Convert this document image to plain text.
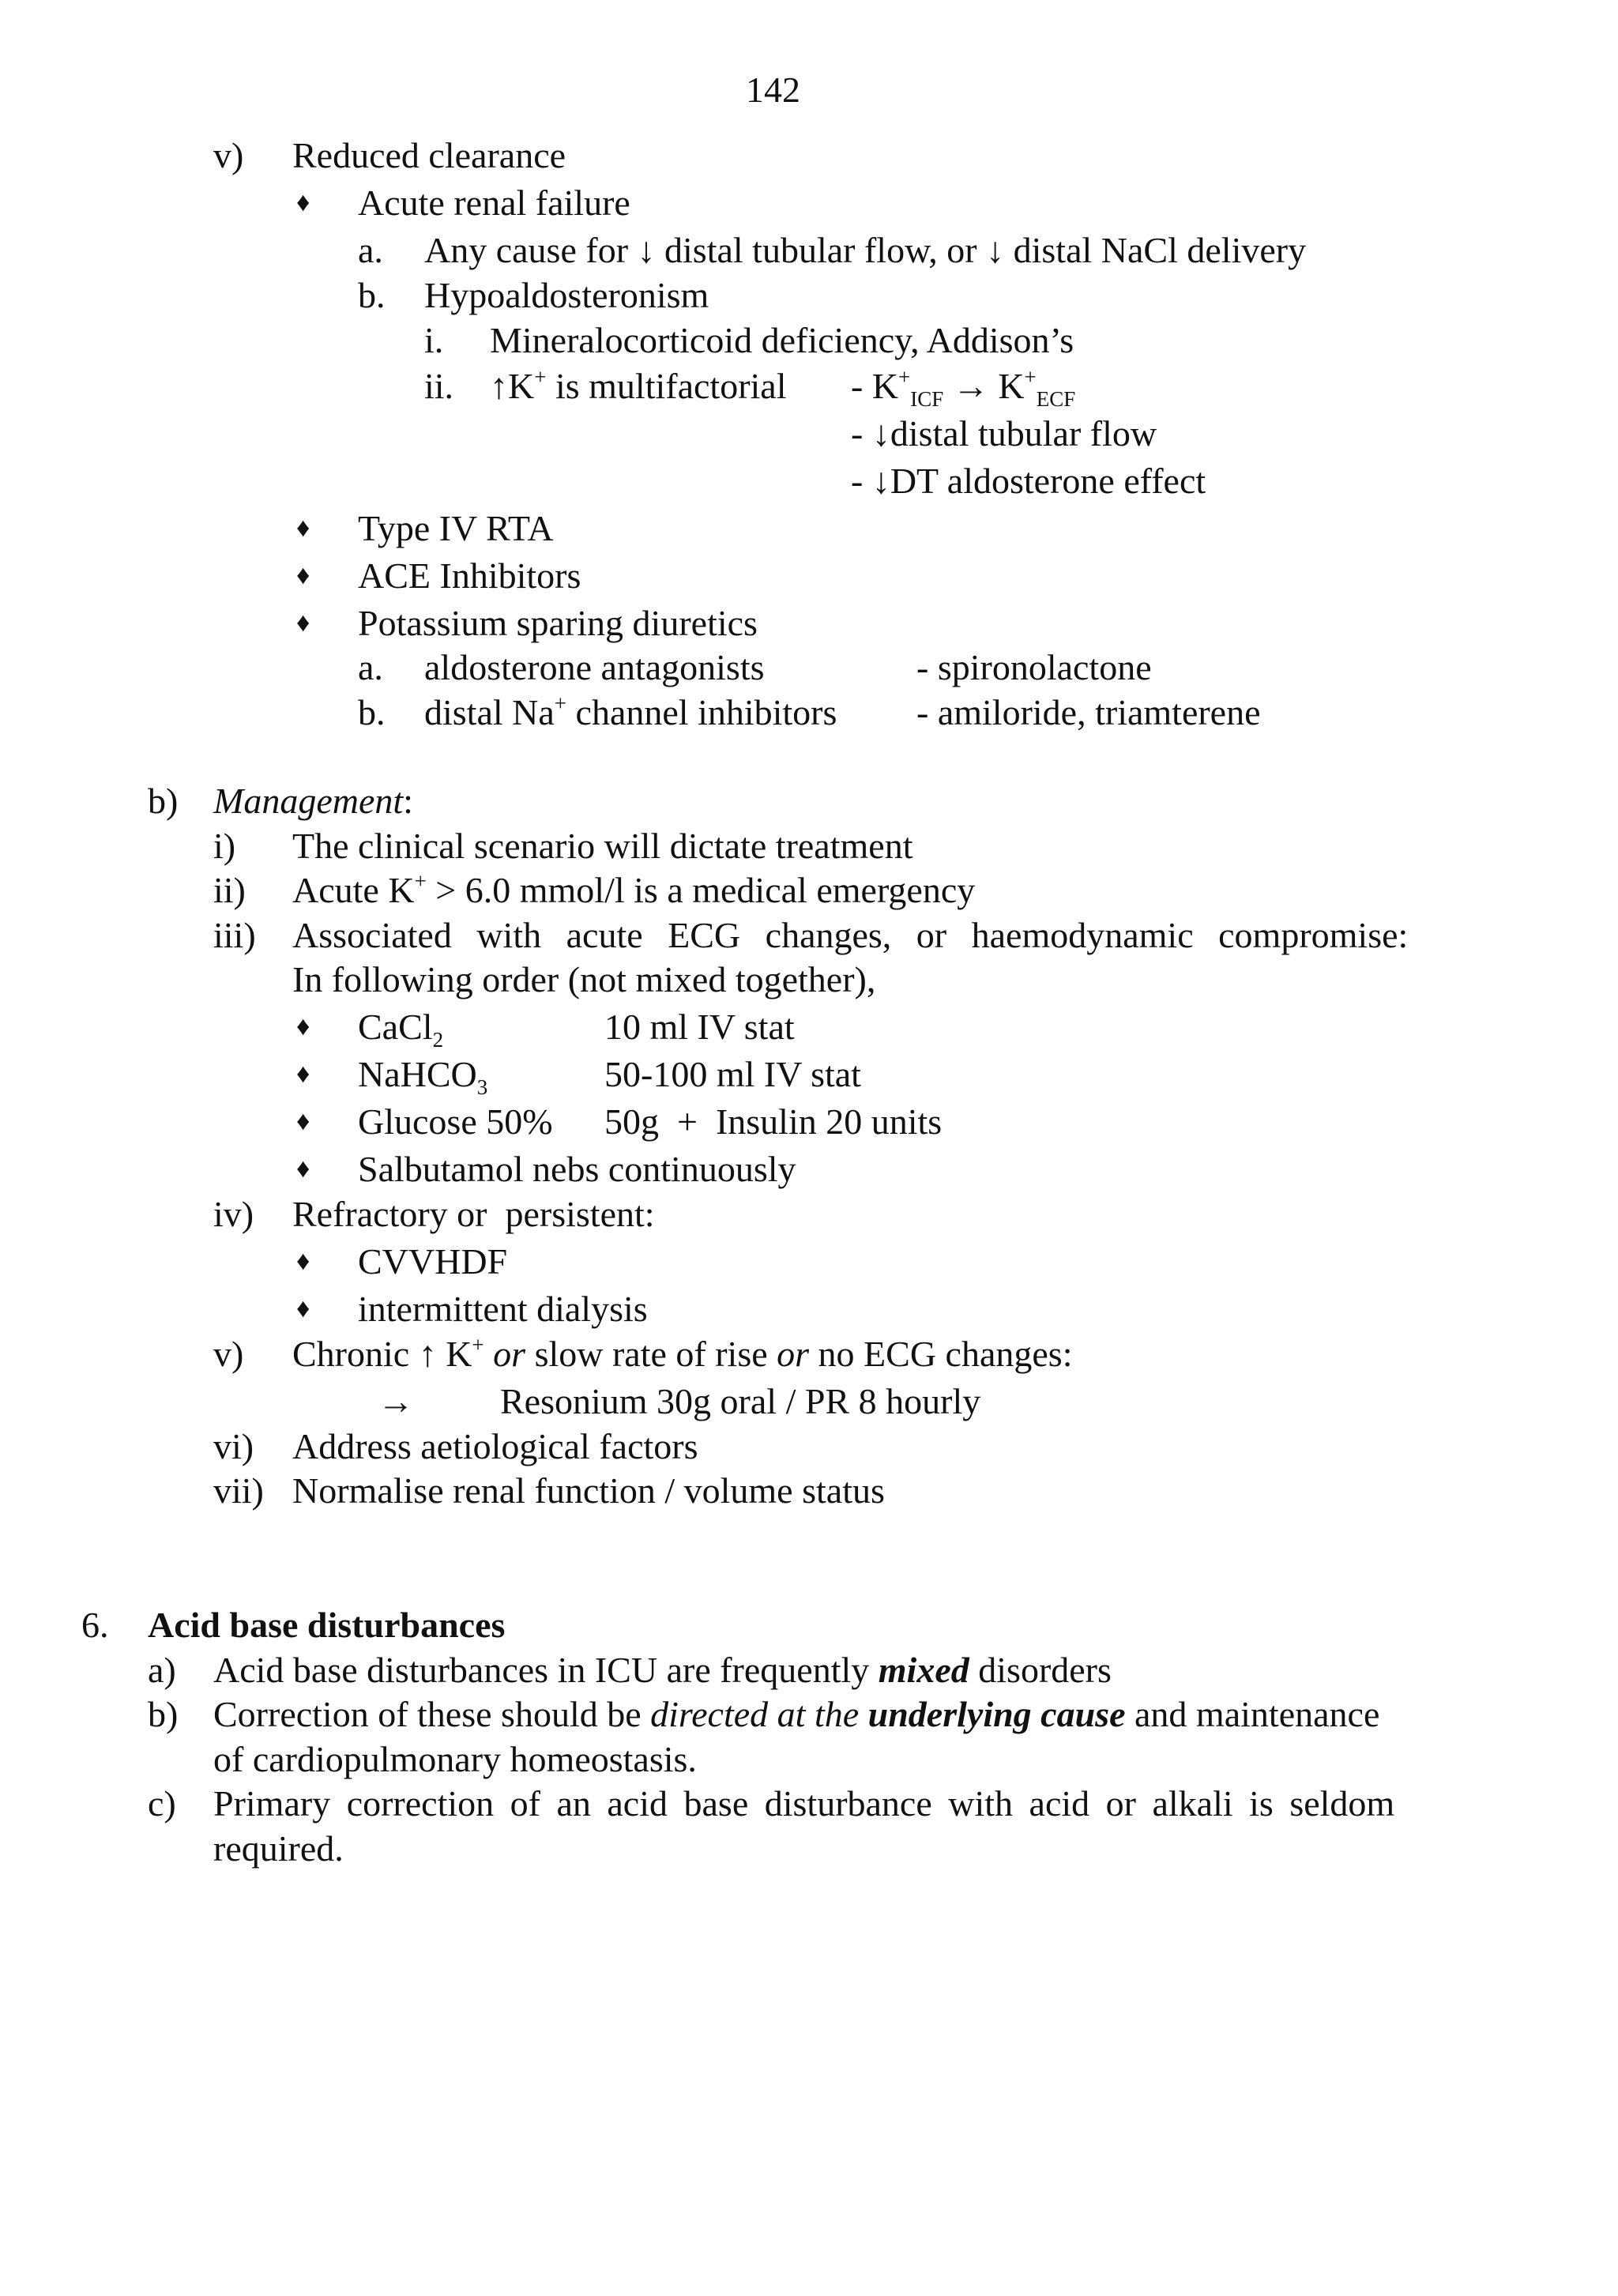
142
v) Reduced clearance
♦ Acute renal failure
a. Any cause for ↓ distal tubular flow, or ↓ distal NaCl delivery
b. Hypoaldosteronism
i. Mineralocorticoid deficiency, Addison’s
ii. ↑K+ is multifactorial - $K^+_{ICF} \to K^+_{ECF}$
- ↓distal tubular flow
- ↓DT aldosterone effect
♦ Type IV RTA
♦ ACE Inhibitors
♦ Potassium sparing diuretics
a. aldosterone antagonists	- spironolactone
b. distal Na+ channel inhibitors - amiloride, triamterene
b) Management:
i) The clinical scenario will dictate treatment
ii) Acute K+ > 6.0 mmol/l is a medical emergency
iii) Associated with acute ECG changes, or haemodynamic compromise:
In following order (not mixed together),
♦ CaCl$_2$	10 ml IV stat
♦ NaHCO$_3$	50-100 ml IV stat
♦ Glucose 50% 50g  +  Insulin 20 units
♦ Salbutamol nebs continuously
iv) Refractory or  persistent:
♦ CVVHDF
♦ intermittent dialysis
v) Chronic ↑ K+ or slow rate of rise or no ECG changes:
→ Resonium 30g oral / PR 8 hourly
vi) Address aetiological factors
vii) Normalise renal function / volume status
6. Acid base disturbances
a) Acid base disturbances in ICU are frequently mixed disorders
b) Correction of these should be directed at the underlying cause and maintenance
of cardiopulmonary homeostasis.
c) Primary correction of an acid base disturbance with acid or alkali is seldom
required.
